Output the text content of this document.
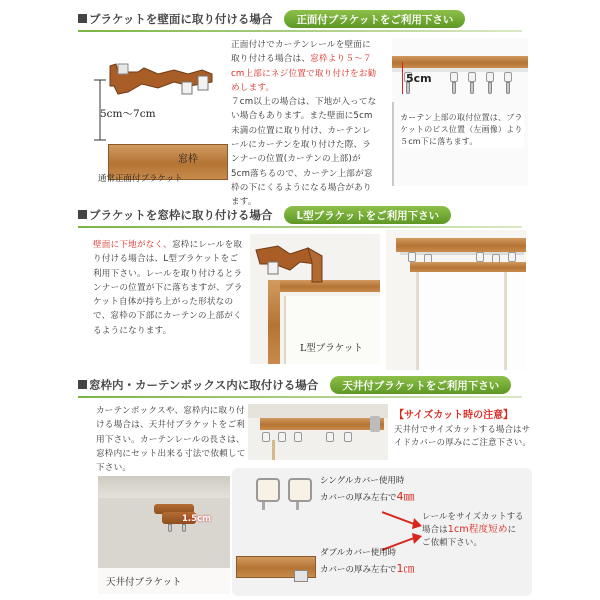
ブラケットを壁面に取り付ける場合	正面付ブラケットをご利用下さい
5cm～7cm
窓枠
通常正面付ブラケット
正面付けでカーテンレールを壁面に取り付ける場合は、窓枠より５～７cm上部にネジ位置で取り付けをお勧めします。
７cm以上の場合は、下地が入ってない場合もあります。また壁面に5cm未満の位置に取り付け、カーテンレールにカーテンを取り付けた際、ランナーの位置(カーテンの上部)が5cm落ちるので、カーテン上部が窓枠の下にくるようになる場合があります。
5cm
カーテン上部の取付位置は、ブラケットのビス位置（左画像）より５cm下に落ちます。
ブラケットを窓枠に取り付ける場合	L型ブラケットをご利用下さい
壁面に下地がなく、窓枠にレールを取り付ける場合は、L型ブラケットをご利用下さい。レールを取り付けるとランナーの位置が下に落ちますが、ブラケット自体が持ち上がった形状なので、窓枠の下部にカーテンの上部がくるようになります。
L型ブラケット
窓枠内・カーテンボックス内に取付ける場合	天井付ブラケットをご利用下さい
カーテンボックスや、窓枠内に取り付ける場合は、天井付ブラケットをご利用下さい。カーテンレールの長さは、窓枠内にセット出来る寸法で依頼して下さい。
【サイズカット時の注意】
天井付でサイズカットする場合はサイドカバーの厚みにご注意下さい。
1.5cm
天井付ブラケット
シングルカバー使用時
カバーの厚み左右で4㎜
レールをサイズカットする
場合は1cm程度短めに
ご依頼下さい。
ダブルカバー使用時
カバーの厚み左右で1㎝
